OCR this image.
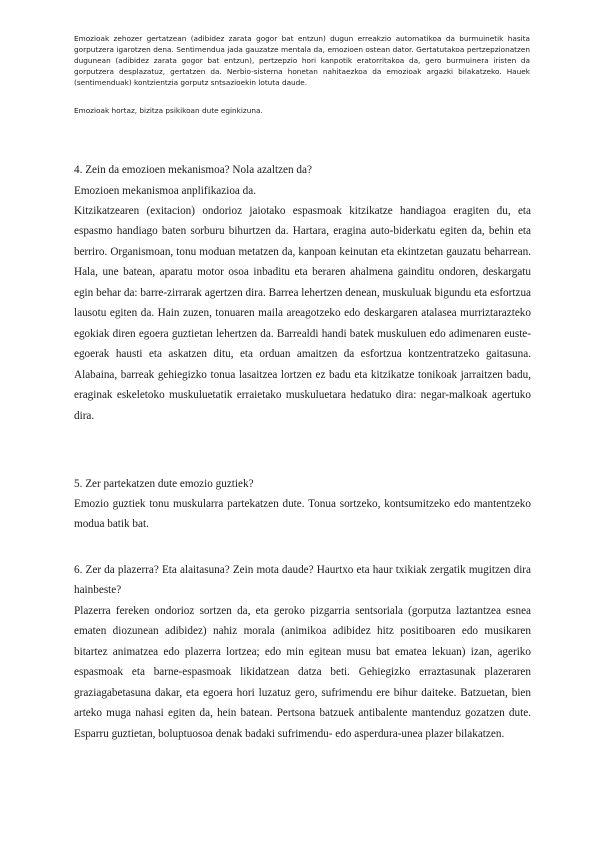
Emozioak zehozer gertatzean (adibidez zarata gogor bat entzun) dugun erreakzio automatikoa da burmuinetik hasita gorputzera igarotzen dena. Sentimendua jada gauzatze mentala da, emozioen ostean dator. Gertatutakoa pertzepzionatzen dugunean (adibidez zarata gogor bat entzun), pertzepzio hori kanpotik eratorritakoa da, gero burmuinera iristen da gorputzera desplazatuz, gertatzen da. Nerbio-sisterna honetan nahitaezkoa da emozioak argazki bilakatzeko. Hauek (sentimenduak) kontzientzia gorputz sntsazioekin lotuta daude.

Emozioak hortaz, bizitza psikikoan dute eginkizuna.

4. Zein da emozioen mekanismoa? Nola azaltzen da?

Emozioen mekanismoa anplifikazioa da.

Kitzikatzearen (exitacion) ondorioz jaiotako espasmoak kitzikatze handiagoa eragiten du, eta espasmo handiago baten sorburu bihurtzen da. Hartara, eragina auto-biderkatu egiten da, behin eta berriro. Organismoan, tonu moduan metatzen da, kanpoan keinutan eta ekintzetan gauzatu beharrean. Hala, une batean, aparatu motor osoa inbaditu eta beraren ahalmena gainditu ondoren, deskargatu egin behar da: barre-zirrarak agertzen dira. Barrea lehertzen denean, muskuluak bigundu eta esfortzua lausotu egiten da. Hain zuzen, tonuaren maila areagotzeko edo deskargaren atalasea murriztarazteko egokiak diren egoera guztietan lehertzen da. Barrealdi handi batek muskuluen edo adimenaren euste-egoerak hausti eta askatzen ditu, eta orduan amaitzen da esfortzua kontzentratzeko gaitasuna. Alabaina, barreak gehiegizko tonua lasaitzea lortzen ez badu eta kitzikatze tonikoak jarraitzen badu, eraginak eskeletoko muskuluetatik erraietako muskuluetara hedatuko dira: negar-malkoak agertuko dira.

5. Zer partekatzen dute emozio guztiek?

Emozio guztiek tonu muskularra partekatzen dute. Tonua sortzeko, kontsumitzeko edo mantentzeko modua batik bat.

6. Zer da plazerra? Eta alaitasuna? Zein mota daude? Haurtxo eta haur txikiak zergatik mugitzen dira hainbeste?

Plazerra fereken ondorioz sortzen da, eta geroko pizgarria sentsoriala (gorputza laztantzea esnea ematen diozunean adibidez) nahiz morala (animikoa adibidez hitz positiboaren edo musikaren bitartez animatzea edo plazerra lortzea; edo min egitean musu bat ematea lekuan) izan, ageriko espasmoak eta barne-espasmoak likidatzean datza beti. Gehiegizko erraztasunak plazeraren graziagabetasuna dakar, eta egoera hori luzatuz gero, sufrimendu ere bihur daiteke. Batzuetan, bien arteko muga nahasi egiten da, hein batean. Pertsona batzuek antibalente mantenduz gozatzen dute. Esparru guztietan, boluptuosoa denak badaki sufrimendu- edo asperdura-unea plazer bilakatzen.
